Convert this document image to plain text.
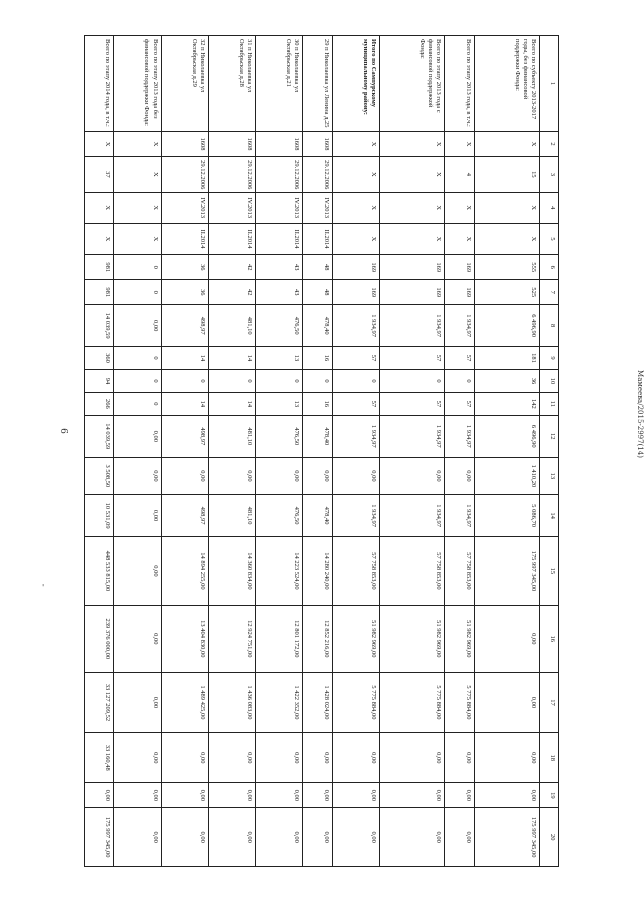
6
'
Мамеева/2015-2997(14)
1	2	3	4	5	6	7	8	9	10	11	12	13	14	15	16	17	18	19	20
Всего по субъекту 2013-2017 годы, без финансовой поддержки Фонда:	X	15	X	X	555	525	6 496,90	181	36	142	6 496,90	1 410,20	5 086,70	175 997 345,00	0,00	0,00	0,00	0,00	175 997 345,00
Всего по этапу 2013 года, в т.ч.:	X	4	X	X	169	169	1 934,97	57	0	57	1 934,97	0,00	1 934,97	57 758 853,00	51 982 969,00	5 775 884,00	0,00	0,00	0,00
Всего по этапу 2013 года с финансовой поддержкой Фонда:	X	X	X	X	169	169	1 934,97	57	0	57	1 934,97	0,00	1 934,97	57 758 853,00	51 982 969,00	5 775 884,00	0,00	0,00	0,00
Итого по Сампурскому муниципальному району:	X	X	X	X	169	169	1 934,97	57	0	57	1 934,97	0,00	1 934,97	57 758 853,00	51 982 969,00	5 775 884,00	0,00	0,00	0,00
29 п Николаевка ул Ленина д.25	1608	29.12.2006	IV.2013	II.2014	48	48	478,40	16	0	16	478,40	0,00	478,40	14 280 240,00	12 852 216,00	1 428 024,00	0,00	0,00	0,00
30 п Николаевка ул Октябрьская д.21	1608	29.12.2006	IV.2013	II.2014	43	43	476,50	13	0	13	476,50	0,00	476,50	14 223 524,00	12 801 172,00	1 422 352,00	0,00	0,00	0,00
31 п Николаевка ул Октябрьская д.28	1608	29.12.2006	IV.2013	II.2014	42	42	481,10	14	0	14	481,10	0,00	481,10	14 360 834,00	12 924 751,00	1 436 083,00	0,00	0,00	0,00
32 п Николаевка ул Октябрьская д.29	1608	29.12.2006	IV.2013	II.2014	36	36	498,97	14	0	14	498,97	0,00	498,97	14 894 255,00	13 404 830,00	1 489 425,00	0,00	0,00	0,00
Всего по этапу 2013 года без финансовой поддержки Фонда:	X	X	X	X	0	0	0,00	0	0	0	0,00	0,00	0,00	0,00	0,00	0,00	0,00	0,00	0,00
Всего по этапу 2014 года, в т.ч.:	X	37	X	X	981	981	14 039,59	360	94	266	14 039,59	3 508,50	10 531,09	448 533 815,00	239 376 000,00	33 127 209,52	33 160,48	0,00	175 997 345,00
